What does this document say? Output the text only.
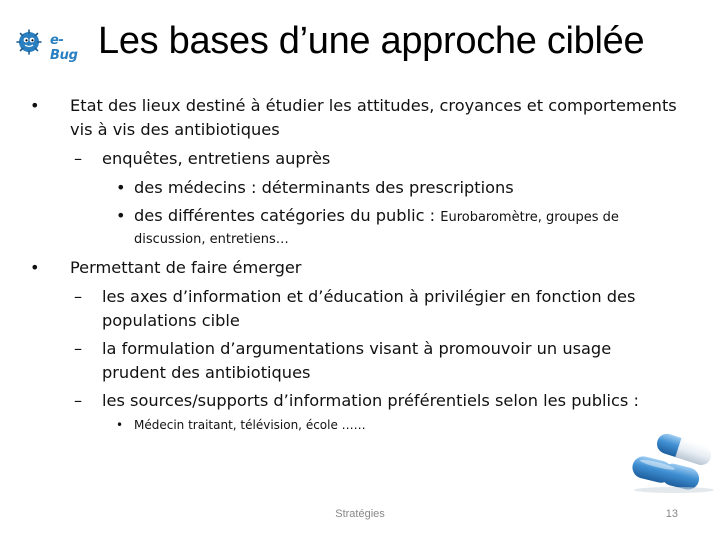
e-Bug Les bases d’une approche ciblée
• Etat des lieux destiné à étudier les attitudes, croyances et comportements
vis à vis des antibiotiques
– enquêtes, entretiens auprès
• des médecins : déterminants des prescriptions
• des différentes catégories du public : Eurobaromètre, groupes de
discussion, entretiens…
• Permettant de faire émerger
– les axes d’information et d’éducation à privilégier en fonction des
populations cible
– la formulation d’argumentations visant à promouvoir un usage
prudent des antibiotiques
– les sources/supports d’information préférentiels selon les publics :
• Médecin traitant, télévision, école ……
Stratégies	13
